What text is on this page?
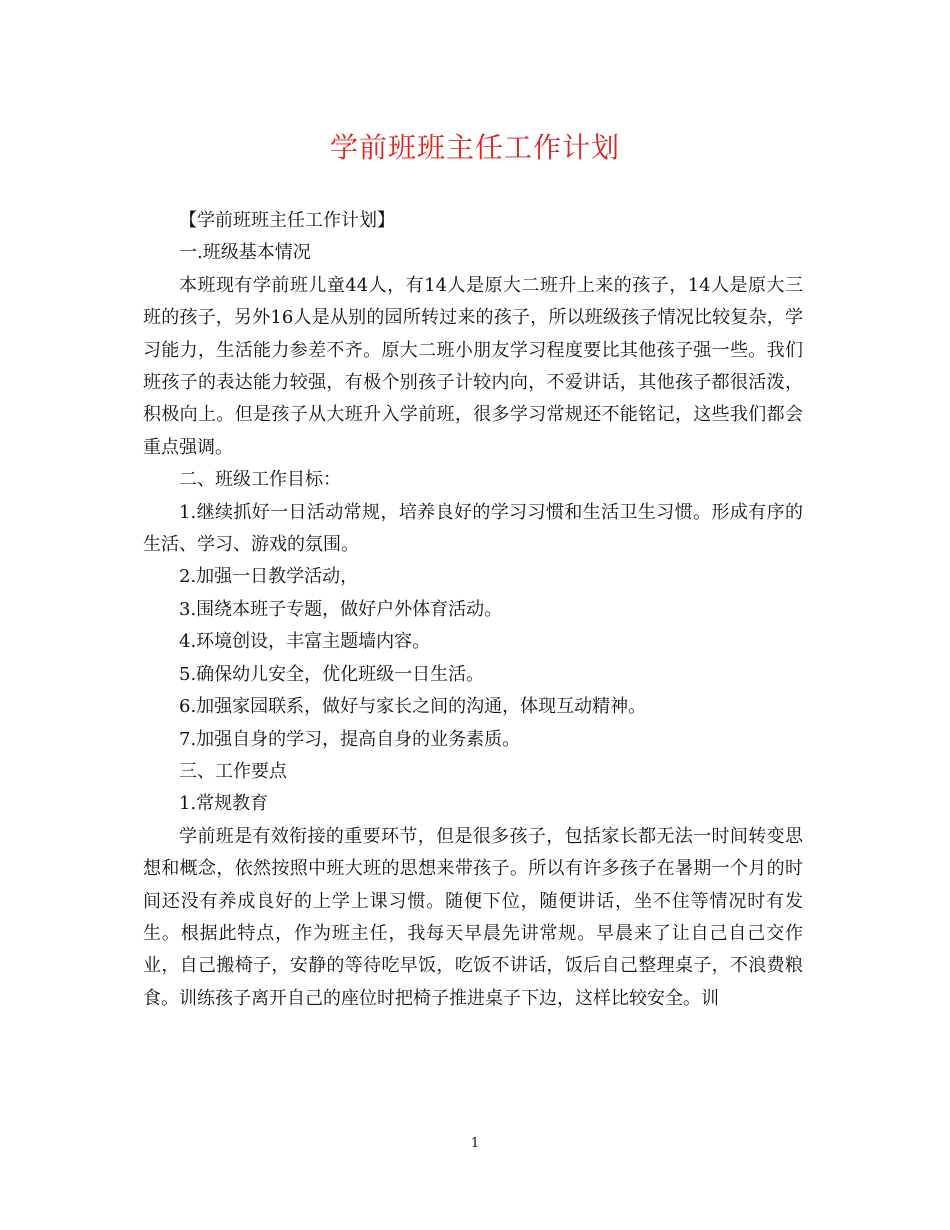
学前班班主任工作计划

【学前班班主任工作计划】

一.班级基本情况

本班现有学前班儿童44人，有14人是原大二班升上来的孩子，14人是原大三班的孩子，另外16人是从别的园所转过来的孩子，所以班级孩子情况比较复杂，学习能力，生活能力参差不齐。原大二班小朋友学习程度要比其他孩子强一些。我们班孩子的表达能力较强，有极个别孩子计较内向，不爱讲话，其他孩子都很活泼，积极向上。但是孩子从大班升入学前班，很多学习常规还不能铭记，这些我们都会重点强调。

二、班级工作目标：

1.继续抓好一日活动常规，培养良好的学习习惯和生活卫生习惯。形成有序的生活、学习、游戏的氛围。

2.加强一日教学活动，

3.围绕本班子专题，做好户外体育活动。

4.环境创设，丰富主题墙内容。

5.确保幼儿安全，优化班级一日生活。

6.加强家园联系，做好与家长之间的沟通，体现互动精神。

7.加强自身的学习，提高自身的业务素质。

三、工作要点

1.常规教育

学前班是有效衔接的重要环节，但是很多孩子，包括家长都无法一时间转变思想和概念，依然按照中班大班的思想来带孩子。所以有许多孩子在暑期一个月的时间还没有养成良好的上学上课习惯。随便下位，随便讲话，坐不住等情况时有发生。根据此特点，作为班主任，我每天早晨先讲常规。早晨来了让自己自己交作业，自己搬椅子，安静的等待吃早饭，吃饭不讲话，饭后自己整理桌子，不浪费粮食。训练孩子离开自己的座位时把椅子推进桌子下边，这样比较安全。训

1
